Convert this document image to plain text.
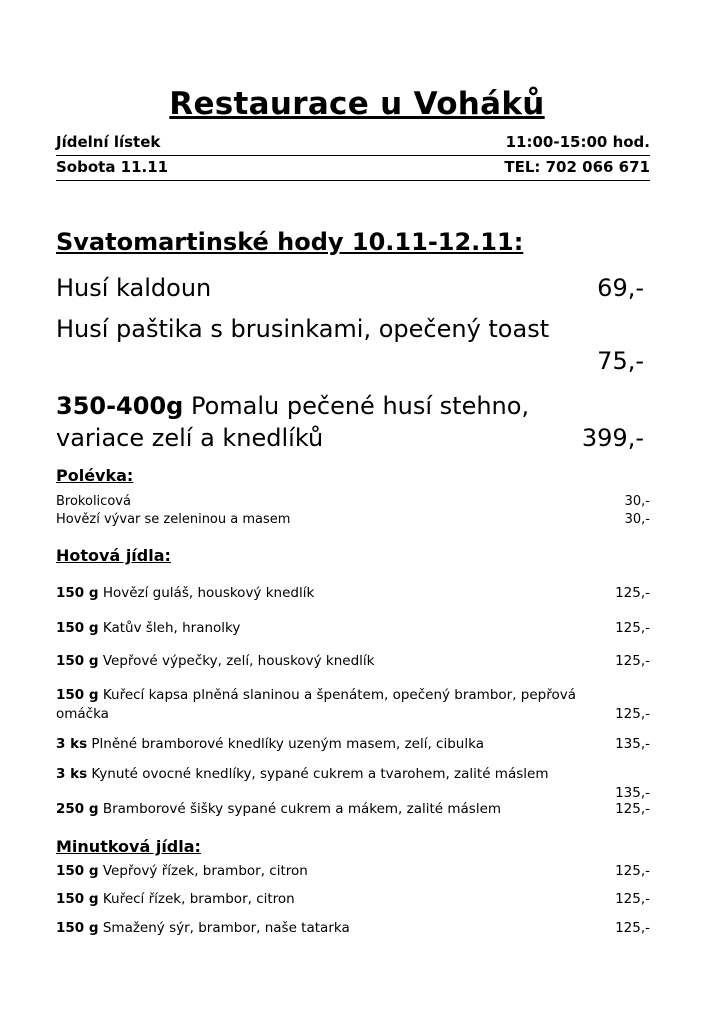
Restaurace u Voháků
Jídelní lístek	11:00-15:00 hod.
Sobota 11.11	TEL: 702 066 671
Svatomartinské hody 10.11-12.11:
Husí kaldoun	69,-
Husí paštika s brusinkami, opečený toast
75,-
350-400g Pomalu pečené husí stehno,
variace zelí a knedlíků	399,-
Polévka:
Brokolicová	30,-
Hovězí vývar se zeleninou a masem	30,-
Hotová jídla:
150 g Hovězí guláš, houskový knedlík	125,-
150 g Katův šleh, hranolky	125,-
150 g Vepřové výpečky, zelí, houskový knedlík	125,-
150 g Kuřecí kapsa plněná slaninou a špenátem, opečený brambor, pepřová
omáčka	125,-
3 ks Plněné bramborové knedlíky uzeným masem, zelí, cibulka	135,-
3 ks Kynuté ovocné knedlíky, sypané cukrem a tvarohem, zalité máslem
135,-
250 g Bramborové šišky sypané cukrem a mákem, zalité máslem	125,-
Minutková jídla:
150 g Vepřový řízek, brambor, citron	125,-
150 g Kuřecí řízek, brambor, citron	125,-
150 g Smažený sýr, brambor, naše tatarka	125,-
